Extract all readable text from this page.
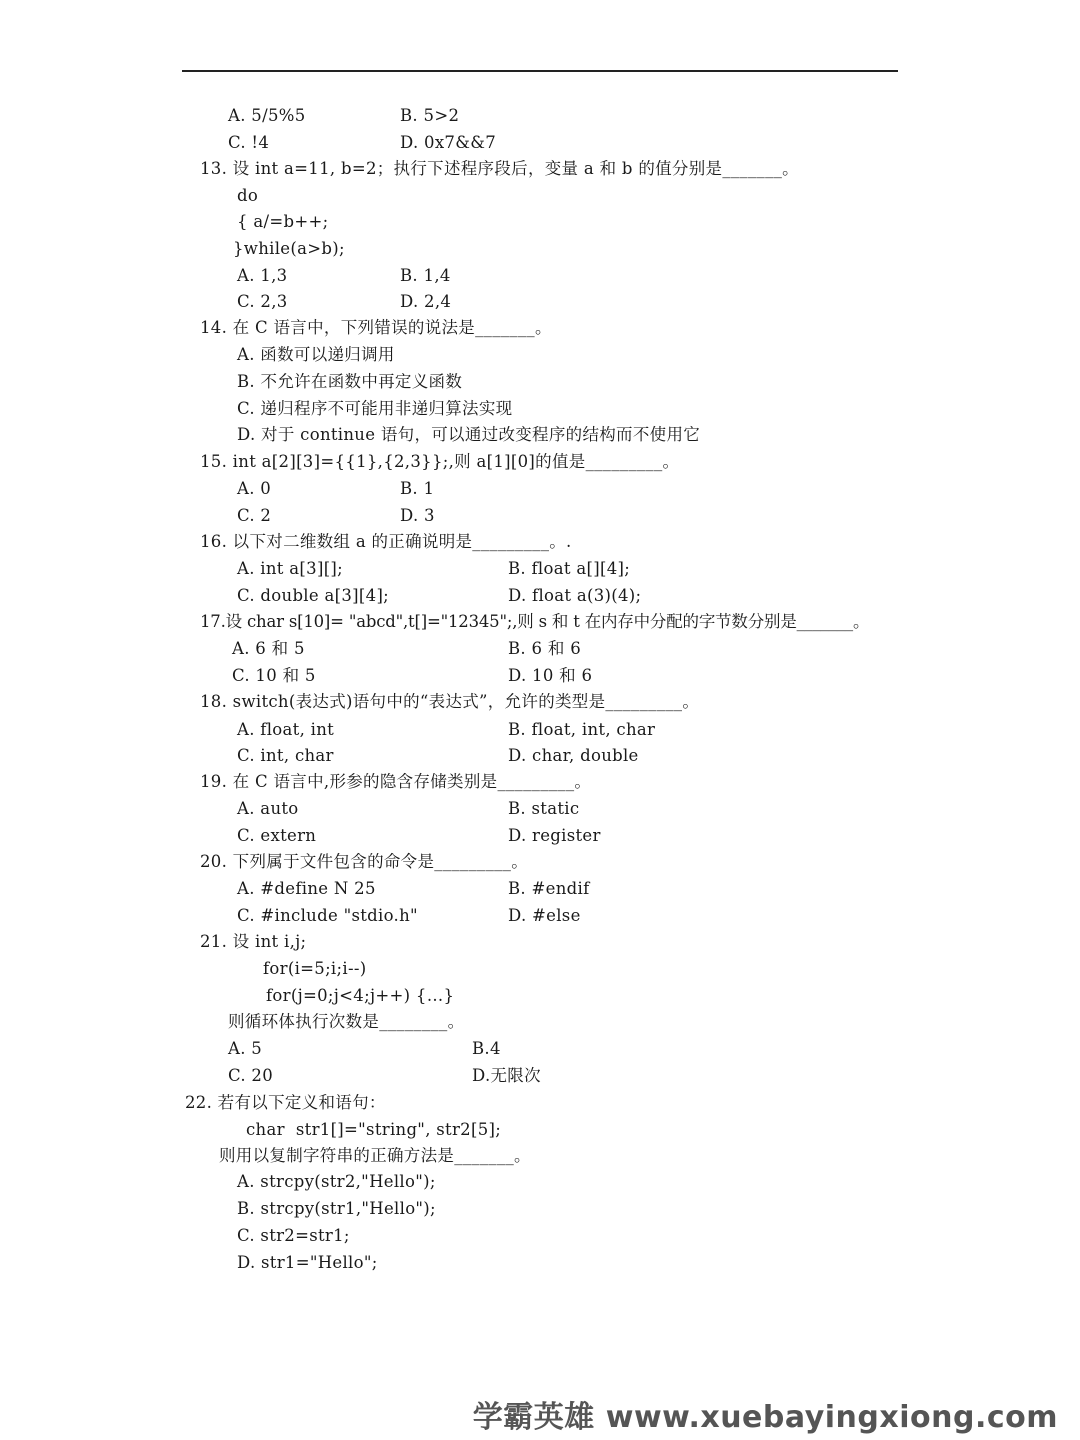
A. 5/5%5	B. 5>2
C. !4	D. 0x7&&7
13. 设 int a=11, b=2；执行下述程序段后，变量 a 和 b 的值分别是_______。
do
{ a/=b++;
}while(a>b);
A. 1,3	B. 1,4
C. 2,3	D. 2,4
14. 在 C 语言中，下列错误的说法是_______。
A. 函数可以递归调用
B. 不允许在函数中再定义函数
C. 递归程序不可能用非递归算法实现
D. 对于 continue 语句，可以通过改变程序的结构而不使用它
15. int a[2][3]={{1},{2,3}};,则 a[1][0]的值是_________。
A. 0	B. 1
C. 2	D. 3
16. 以下对二维数组 a 的正确说明是_________。.
A. int a[3][];	B. float a[][4];
C. double a[3][4];	D. float a(3)(4);
17.设 char s[10]= "abcd",t[]="12345";,则 s 和 t 在内存中分配的字节数分别是_______。
A. 6 和 5	B. 6 和 6
C. 10 和 5	D. 10 和 6
18. switch(表达式)语句中的“表达式”，允许的类型是_________。
A. float, int	B. float, int, char
C. int, char	D. char, double
19. 在 C 语言中,形参的隐含存储类别是_________。
A. auto	B. static
C. extern	D. register
20. 下列属于文件包含的命令是_________。
A. #define N 25	B. #endif
C. #include "stdio.h"	D. #else
21. 设 int i,j;
for(i=5;i;i--)
for(j=0;j<4;j++) {…}
则循环体执行次数是________。
A. 5	B.4
C. 20	D.无限次
22. 若有以下定义和语句：
char  str1[]="string", str2[5];
则用以复制字符串的正确方法是_______。
A. strcpy(str2,"Hello");
B. strcpy(str1,"Hello");
C. str2=str1;
D. str1="Hello";
学霸英雄 www.xuebayingxiong.com
